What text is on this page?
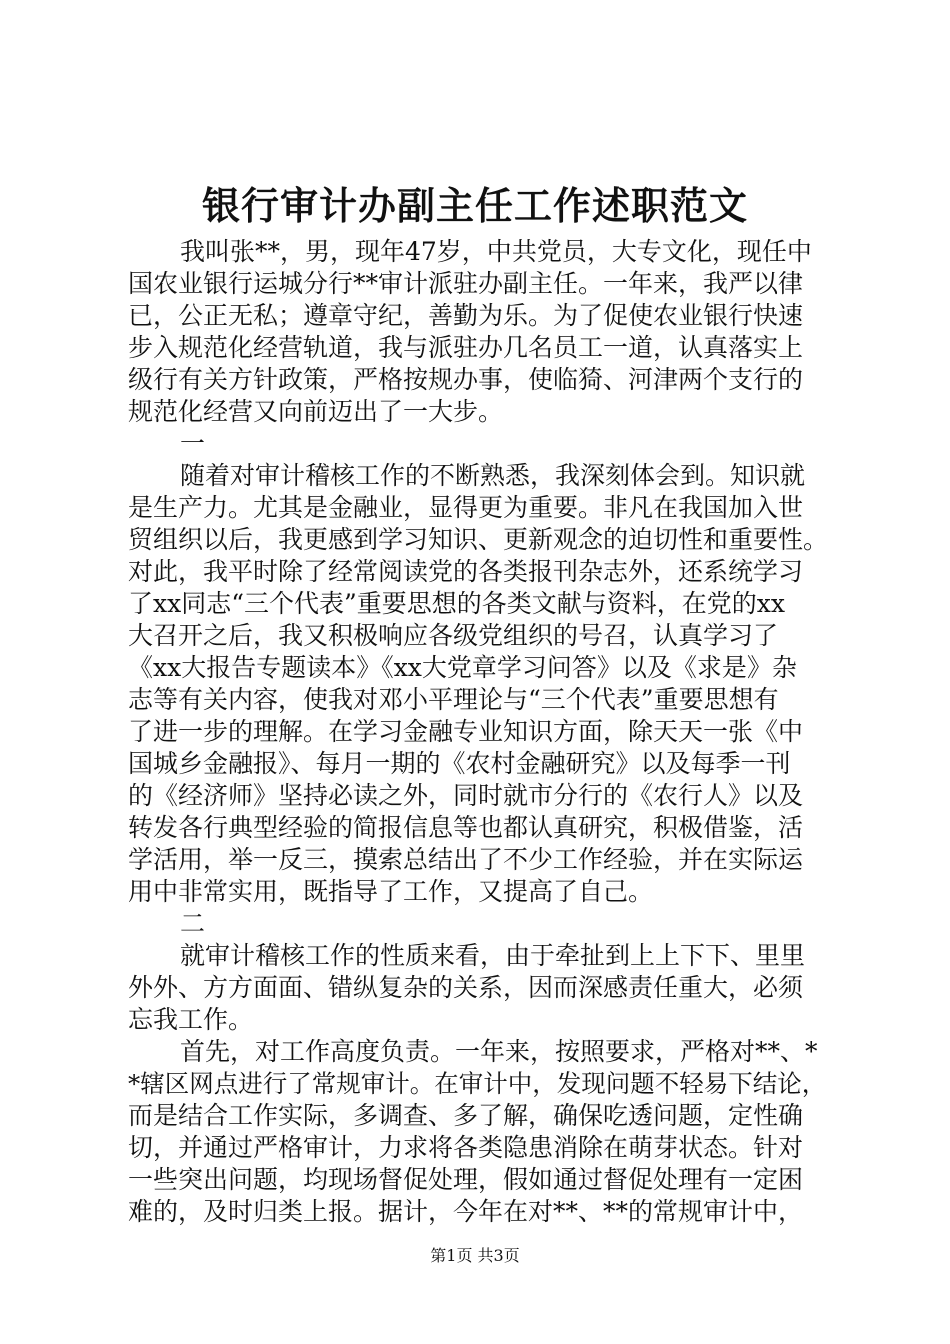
银行审计办副主任工作述职范文
我叫张**，男，现年47岁，中共党员，大专文化，现任中
国农业银行运城分行**审计派驻办副主任。一年来，我严以律
已，公正无私；遵章守纪，善勤为乐。为了促使农业银行快速
步入规范化经营轨道，我与派驻办几名员工一道，认真落实上
级行有关方针政策，严格按规办事，使临猗、河津两个支行的
规范化经营又向前迈出了一大步。
一
随着对审计稽核工作的不断熟悉，我深刻体会到。知识就
是生产力。尤其是金融业，显得更为重要。非凡在我国加入世
贸组织以后，我更感到学习知识、更新观念的迫切性和重要性。
对此，我平时除了经常阅读党的各类报刊杂志外，还系统学习
了xx同志“三个代表”重要思想的各类文献与资料，在党的xx
大召开之后，我又积极响应各级党组织的号召，认真学习了
《xx大报告专题读本》《xx大党章学习问答》以及《求是》杂
志等有关内容，使我对邓小平理论与“三个代表”重要思想有
了进一步的理解。在学习金融专业知识方面，除天天一张《中
国城乡金融报》、每月一期的《农村金融研究》以及每季一刊
的《经济师》坚持必读之外，同时就市分行的《农行人》以及
转发各行典型经验的简报信息等也都认真研究，积极借鉴，活
学活用，举一反三，摸索总结出了不少工作经验，并在实际运
用中非常实用，既指导了工作，又提高了自己。
二
就审计稽核工作的性质来看，由于牵扯到上上下下、里里
外外、方方面面、错纵复杂的关系，因而深感责任重大，必须
忘我工作。
首先，对工作高度负责。一年来，按照要求，严格对**、*
*辖区网点进行了常规审计。在审计中，发现问题不轻易下结论，
而是结合工作实际，多调查、多了解，确保吃透问题，定性确
切，并通过严格审计，力求将各类隐患消除在萌芽状态。针对
一些突出问题，均现场督促处理，假如通过督促处理有一定困
难的，及时归类上报。据计，今年在对**、**的常规审计中，
第1页 共3页
